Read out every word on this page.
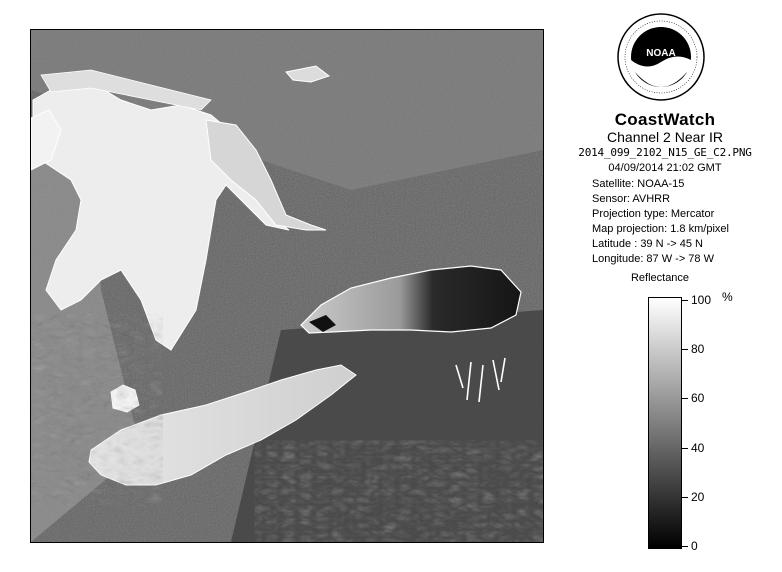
NOAA
CoastWatch
Channel 2 Near IR
2014_099_2102_N15_GE_C2.PNG
04/09/2014 21:02 GMT
Satellite: NOAA-15
Sensor: AVHRR
Projection type: Mercator
Map projection: 1.8 km/pixel
Latitude : 39 N -> 45 N
Longitude: 87 W -> 78 W
Reflectance
%
100
80
60
40
20
0
